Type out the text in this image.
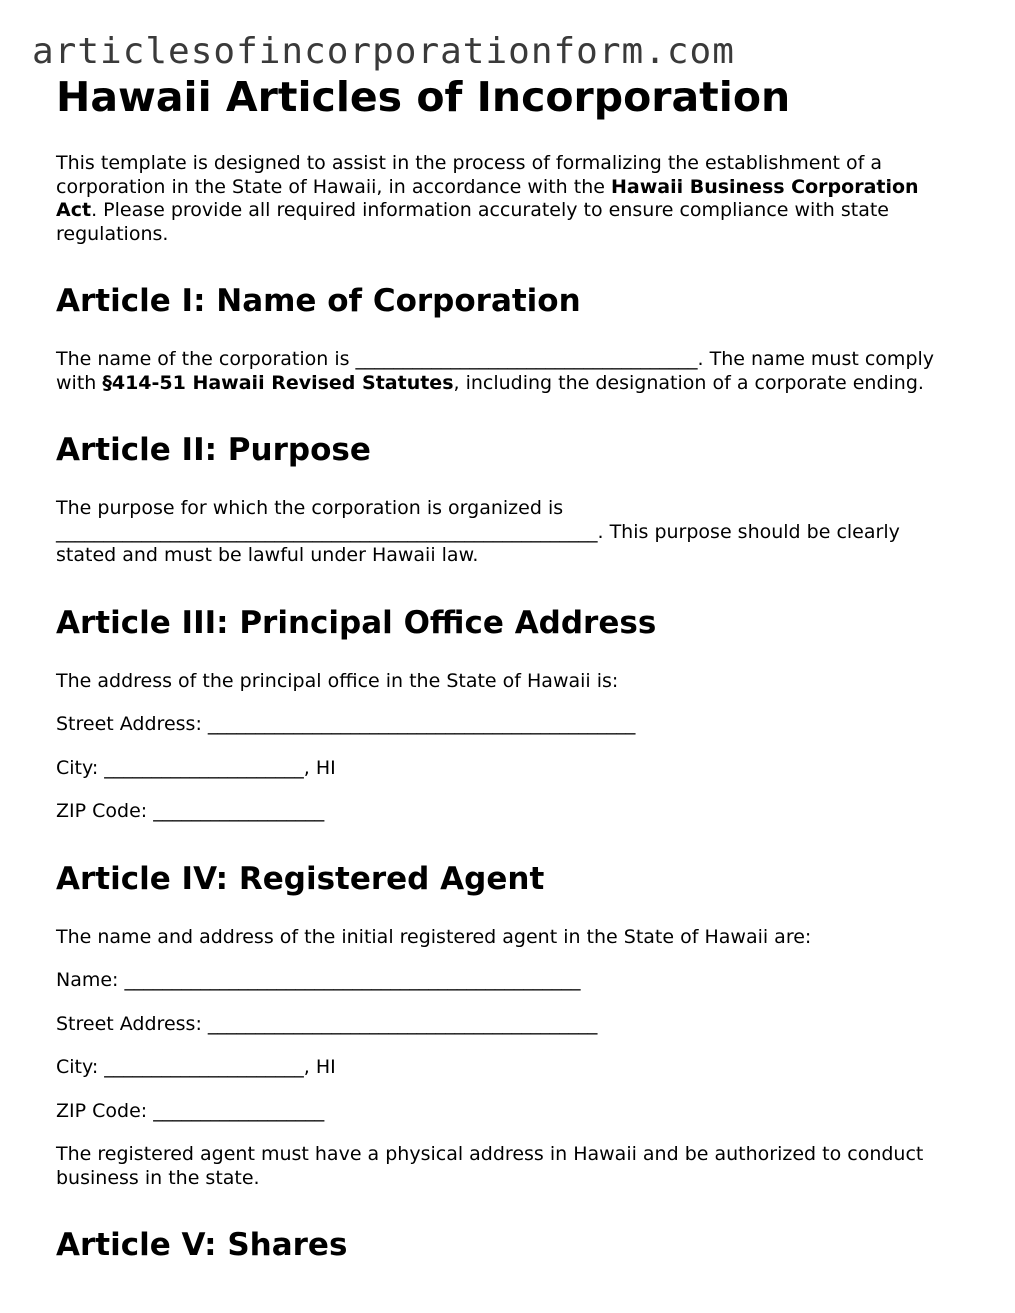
articlesofincorporationform.com
Hawaii Articles of Incorporation

This template is designed to assist in the process of formalizing the establishment of a corporation in the State of Hawaii, in accordance with the Hawaii Business Corporation Act. Please provide all required information accurately to ensure compliance with state regulations.

Article I: Name of Corporation

The name of the corporation is ____________________________________. The name must comply with §414-51 Hawaii Revised Statutes, including the designation of a corporate ending.

Article II: Purpose

The purpose for which the corporation is organized is _________________________________________________________. This purpose should be clearly stated and must be lawful under Hawaii law.

Article III: Principal Office Address

The address of the principal office in the State of Hawaii is:

Street Address: _____________________________________________

City: _____________________, HI

ZIP Code: __________________

Article IV: Registered Agent

The name and address of the initial registered agent in the State of Hawaii are:

Name: ________________________________________________

Street Address: _________________________________________

City: _____________________, HI

ZIP Code: __________________

The registered agent must have a physical address in Hawaii and be authorized to conduct business in the state.

Article V: Shares
